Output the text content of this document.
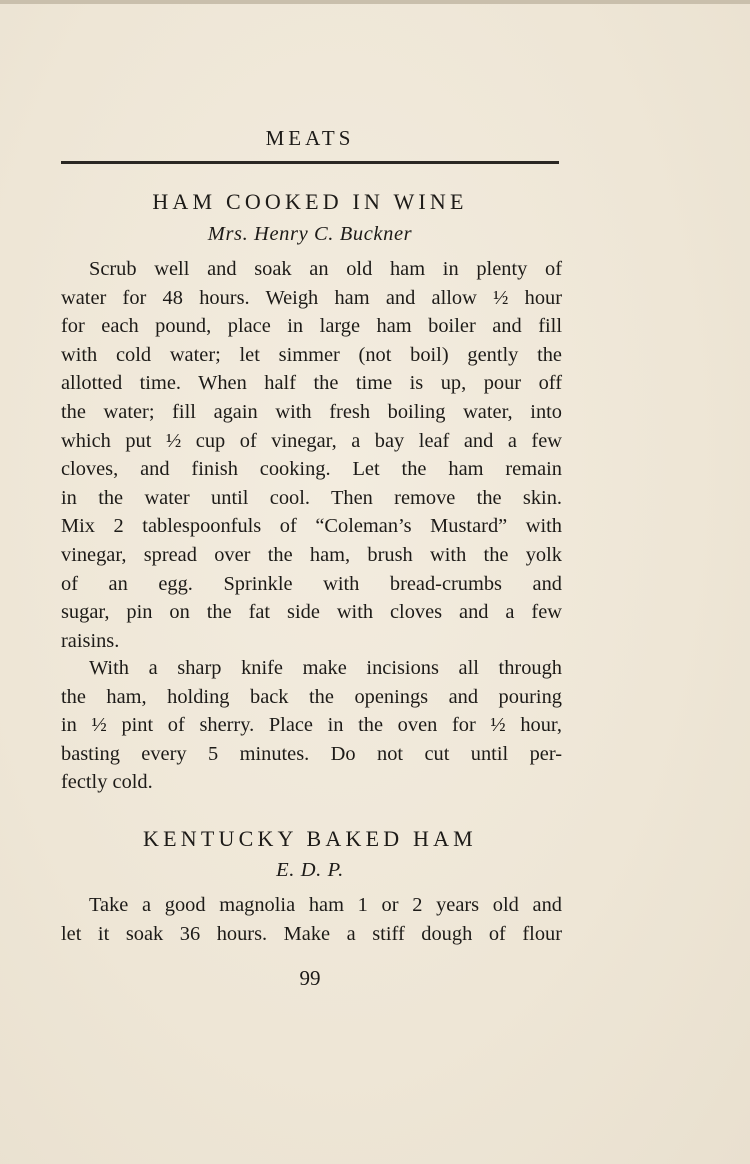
MEATS
HAM COOKED IN WINE
Mrs. Henry C. Buckner
Scrub well and soak an old ham in plenty of
water for 48 hours. Weigh ham and allow ½ hour
for each pound, place in large ham boiler and fill
with cold water; let simmer (not boil) gently the
allotted time. When half the time is up, pour off
the water; fill again with fresh boiling water, into
which put ½ cup of vinegar, a bay leaf and a few
cloves, and finish cooking. Let the ham remain
in the water until cool. Then remove the skin.
Mix 2 tablespoonfuls of “Coleman’s Mustard” with
vinegar, spread over the ham, brush with the yolk
of an egg. Sprinkle with bread-crumbs and
sugar, pin on the fat side with cloves and a few
raisins.
With a sharp knife make incisions all through
the ham, holding back the openings and pouring
in ½ pint of sherry. Place in the oven for ½ hour,
basting every 5 minutes. Do not cut until per-
fectly cold.
KENTUCKY BAKED HAM
E. D. P.
Take a good magnolia ham 1 or 2 years old and
let it soak 36 hours. Make a stiff dough of flour
99
